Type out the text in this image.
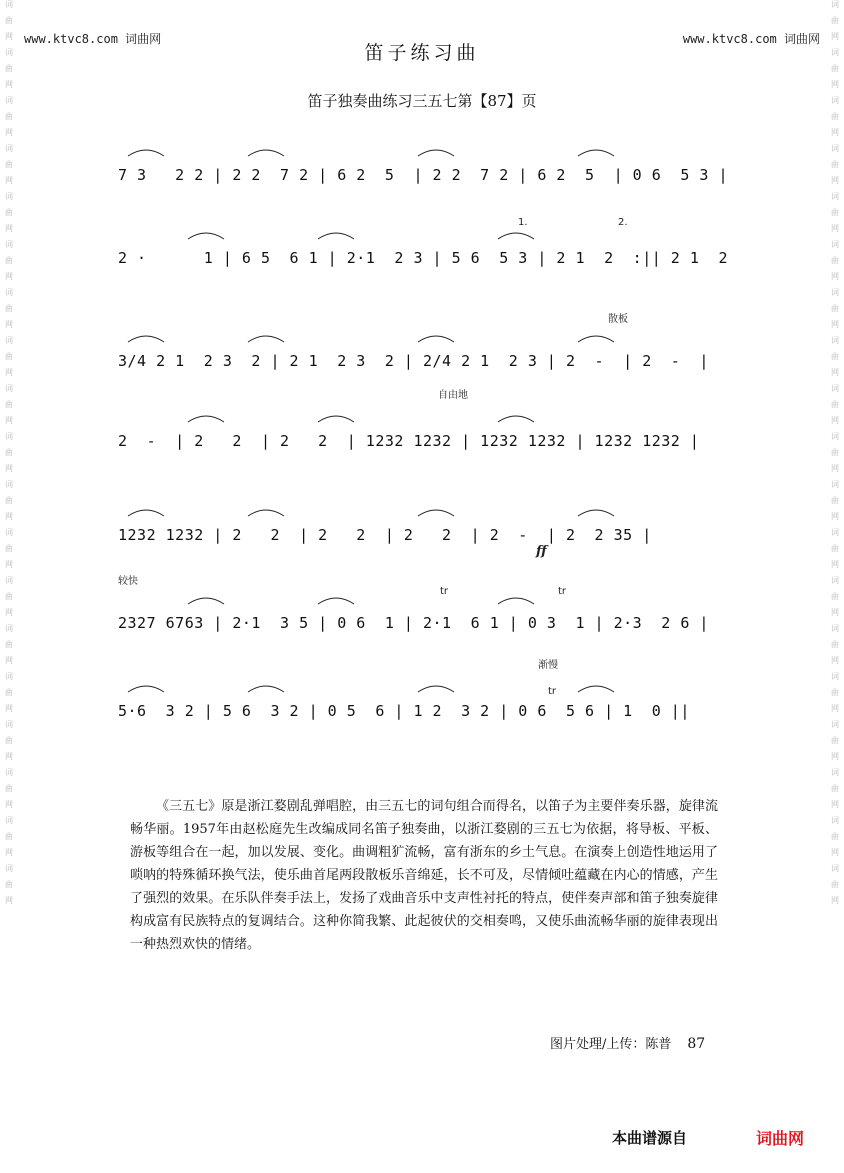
词
曲
网
词
曲
网
词
曲
网
词
曲
网
词
曲
网
词
曲
网
词
曲
网
词
曲
网
词
曲
网
词
曲
网
词
曲
网
词
曲
网
词
曲
网
词
曲
网
词
曲
网
词
曲
网
词
曲
网
词
曲
网
词
曲
网
词
曲
网
词
曲
网
词
曲
网
词
曲
网
词
曲
网
词
曲
网
词
曲
网
词
曲
网
词
曲
网
词
曲
网
词
曲
网
词
曲
网
词
曲
网
词
曲
网
词
曲
网
词
曲
网
词
曲
网
词
曲
网
词
曲
网
www.ktvc8.com 词曲网	www.ktvc8.com 词曲网
笛子练习曲
笛子独奏曲练习三五七第【87】页
7 3   2 2 | 2 2  7 2 | 6 2  5  | 2 2  7 2 | 6 2  5  | 0 6  5 3 |
2 ·      1 | 6 5  6 1 | 2·1  2 3 | 5 6  5 3 | 2 1  2  :|| 2 1  2
1.	2.
3/4 2 1  2 3  2 | 2 1  2 3  2 | 2/4 2 1  2 3 | 2  -  | 2  -  |
散板
2  -  | 2   2  | 2   2  | 1232 1232 | 1232 1232 | 1232 1232 |
自由地
1232 1232 | 2   2  | 2   2  | 2   2  | 2  -  | 2  2 35 |
ff
2327 6763 | 2·1  3 5 | 0 6  1 | 2·1  6 1 | 0 3  1 | 2·3  2 6 |
较快
tr	tr
5·6  3 2 | 5 6  3 2 | 0 5  6 | 1 2  3 2 | 0 6  5 6 | 1  0 ||
渐慢
tr
《三五七》原是浙江婺剧乱弹唱腔，由三五七的词句组合而得名，以笛子为主要伴奏乐器，旋律流畅华丽。1957年由赵松庭先生改编成同名笛子独奏曲，以浙江婺剧的三五七为依据，将导板、平板、游板等组合在一起，加以发展、变化。曲调粗犷流畅，富有浙东的乡土气息。在演奏上创造性地运用了唢呐的特殊循环换气法，使乐曲首尾两段散板乐音绵延，长不可及，尽情倾吐蕴藏在内心的情感，产生了强烈的效果。在乐队伴奏手法上，发扬了戏曲音乐中支声性衬托的特点，使伴奏声部和笛子独奏旋律构成富有民族特点的复调结合。这种你简我繁、此起彼伏的交相奏鸣，又使乐曲流畅华丽的旋律表现出一种热烈欢快的情绪。
图片处理/上传：陈普 87
本曲谱源自	词曲网
